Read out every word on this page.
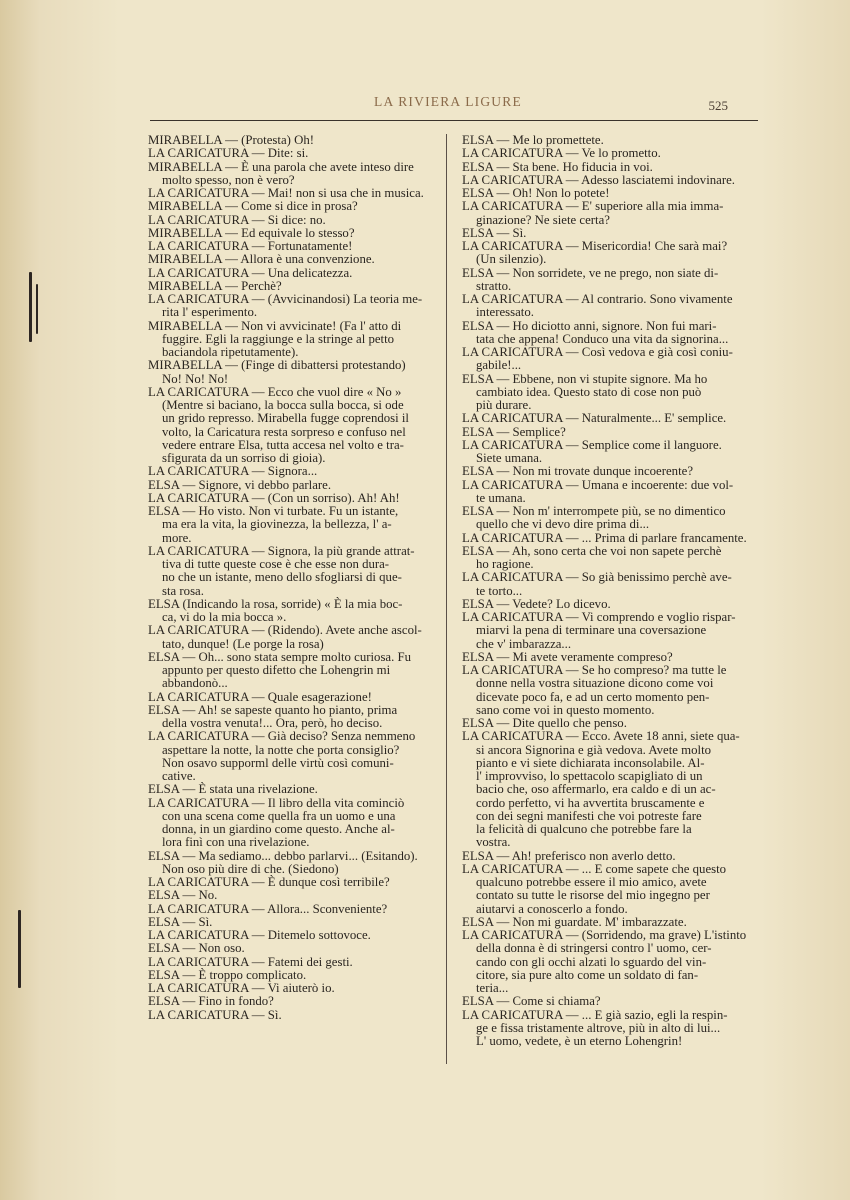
LA RIVIERA LIGURE	525

MIRABELLA — (Protesta) Oh!

LA CARICATURA — Dite: si.

MIRABELLA — È una parola che avete inteso dire

molto spesso, non è vero?

LA CARICATURA — Mai! non si usa che in musica.

MIRABELLA — Come si dice in prosa?

LA CARICATURA — Si dice: no.

MIRABELLA — Ed equivale lo stesso?

LA CARICATURA — Fortunatamente!

MIRABELLA — Allora è una convenzione.

LA CARICATURA — Una delicatezza.

MIRABELLA — Perchè?

LA CARICATURA — (Avvicinandosi) La teoria me-

rita l' esperimento.

MIRABELLA — Non vi avvicinate! (Fa l' atto di

fuggire. Egli la raggiunge e la stringe al petto

baciandola ripetutamente).

MIRABELLA — (Finge di dibattersi protestando)

No! No! No!

LA CARICATURA — Ecco che vuol dire « No »

(Mentre si baciano, la bocca sulla bocca, si ode

un grido represso. Mirabella fugge coprendosi il

volto, la Caricatura resta sorpreso e confuso nel

vedere entrare Elsa, tutta accesa nel volto e tra-

sfigurata da un sorriso di gioia).

LA CARICATURA — Signora...

ELSA — Signore, vi debbo parlare.

LA CARICATURA — (Con un sorriso). Ah! Ah!

ELSA — Ho visto. Non vi turbate. Fu un istante,

ma era la vita, la giovinezza, la bellezza, l' a-

more.

LA CARICATURA — Signora, la più grande attrat-

tiva di tutte queste cose è che esse non dura-

no che un istante, meno dello sfogliarsi di que-

sta rosa.

ELSA (Indicando la rosa, sorride) « È la mia boc-

ca, vi do la mia bocca ».

LA CARICATURA — (Ridendo). Avete anche ascol-

tato, dunque! (Le porge la rosa)

ELSA — Oh... sono stata sempre molto curiosa. Fu

appunto per questo difetto che Lohengrin mi

abbandonò...

LA CARICATURA — Quale esagerazione!

ELSA — Ah! se sapeste quanto ho pianto, prima

della vostra venuta!... Ora, però, ho deciso.

LA CARICATURA — Già deciso? Senza nemmeno

aspettare la notte, la notte che porta consiglio?

Non osavo supporml delle virtù così comuni-

cative.

ELSA — È stata una rivelazione.

LA CARICATURA — Il libro della vita cominciò

con una scena come quella fra un uomo e una

donna, in un giardino come questo. Anche al-

lora finì con una rivelazione.

ELSA — Ma sediamo... debbo parlarvi... (Esitando).

Non oso più dire di che. (Siedono)

LA CARICATURA — È dunque così terribile?

ELSA — No.

LA CARICATURA — Allora... Sconveniente?

ELSA — Sì.

LA CARICATURA — Ditemelo sottovoce.

ELSA — Non oso.

LA CARICATURA — Fatemi dei gesti.

ELSA — È troppo complicato.

LA CARICATURA — Vi aiuterò io.

ELSA — Fino in fondo?

LA CARICATURA — Sì.

ELSA — Me lo promettete.

LA CARICATURA — Ve lo prometto.

ELSA — Sta bene. Ho fiducia in voi.

LA CARICATURA — Adesso lasciatemi indovinare.

ELSA — Oh! Non lo potete!

LA CARICATURA — E' superiore alla mia imma-

ginazione? Ne siete certa?

ELSA — Sì.

LA CARICATURA — Misericordia! Che sarà mai?

(Un silenzio).

ELSA — Non sorridete, ve ne prego, non siate di-

stratto.

LA CARICATURA — Al contrario. Sono vivamente

interessato.

ELSA — Ho diciotto anni, signore. Non fui mari-

tata che appena! Conduco una vita da signorina...

LA CARICATURA — Così vedova e già così coniu-

gabile!...

ELSA — Ebbene, non vi stupite signore. Ma ho

cambiato idea. Questo stato di cose non può

più durare.

LA CARICATURA — Naturalmente... E' semplice.

ELSA — Semplice?

LA CARICATURA — Semplice come il languore.

Siete umana.

ELSA — Non mi trovate dunque incoerente?

LA CARICATURA — Umana e incoerente: due vol-

te umana.

ELSA — Non m' interrompete più, se no dimentico

quello che vi devo dire prima di...

LA CARICATURA — ... Prima di parlare francamente.

ELSA — Ah, sono certa che voi non sapete perchè

ho ragione.

LA CARICATURA — So già benissimo perchè ave-

te torto...

ELSA — Vedete? Lo dicevo.

LA CARICATURA — Vi comprendo e voglio rispar-

miarvi la pena di terminare una coversazione

che v' imbarazza...

ELSA — Mi avete veramente compreso?

LA CARICATURA — Se ho compreso? ma tutte le

donne nella vostra situazione dicono come voi

dicevate poco fa, e ad un certo momento pen-

sano come voi in questo momento.

ELSA — Dite quello che penso.

LA CARICATURA — Ecco. Avete 18 anni, siete qua-

si ancora Signorina e già vedova. Avete molto

pianto e vi siete dichiarata inconsolabile. Al-

l' improvviso, lo spettacolo scapigliato di un

bacio che, oso affermarlo, era caldo e di un ac-

cordo perfetto, vi ha avvertita bruscamente e

con dei segni manifesti che voi potreste fare

la felicità di qualcuno che potrebbe fare la

vostra.

ELSA — Ah! preferisco non averlo detto.

LA CARICATURA — ... E come sapete che questo

qualcuno potrebbe essere il mio amico, avete

contato su tutte le risorse del mio ingegno per

aiutarvi a conoscerlo a fondo.

ELSA — Non mi guardate. M' imbarazzate.

LA CARICATURA — (Sorridendo, ma grave) L'istinto

della donna è di stringersi contro l' uomo, cer-

cando con gli occhi alzati lo sguardo del vin-

citore, sia pure alto come un soldato di fan-

teria...

ELSA — Come si chiama?

LA CARICATURA — ... E già sazio, egli la respin-

ge e fissa tristamente altrove, più in alto di lui...

L' uomo, vedete, è un eterno Lohengrin!
